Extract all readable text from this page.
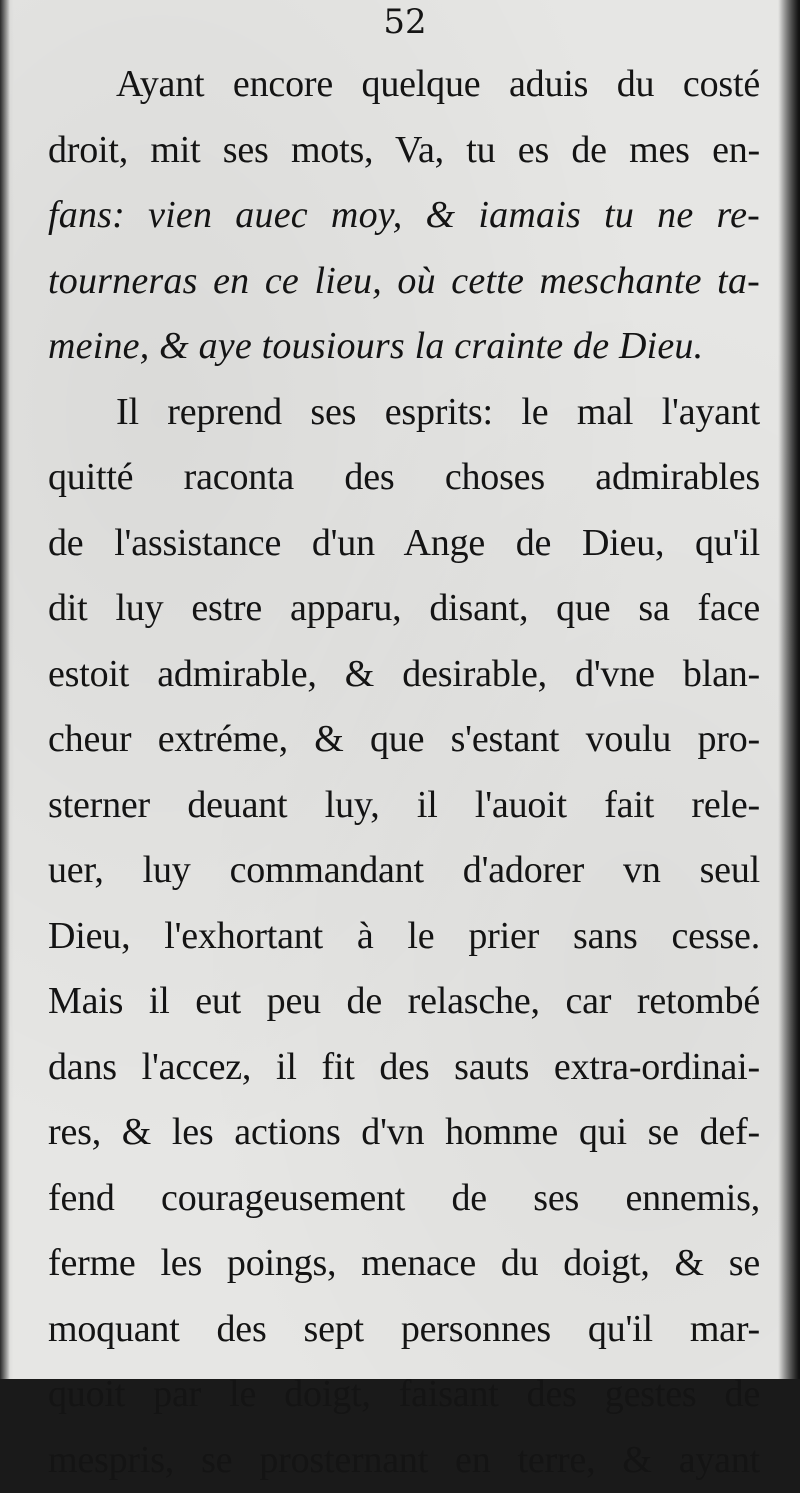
52

Ayant encore quelque aduis du costé
droit, mit ses mots, Va, tu es de mes en-
fans: vien auec moy, & iamais tu ne re-
tourneras en ce lieu, où cette meschante ta-
meine, & aye tousiours la crainte de Dieu.
Il reprend ses esprits: le mal l'ayant
quitté raconta des choses admirables
de l'assistance d'un Ange de Dieu, qu'il
dit luy estre apparu, disant, que sa face
estoit admirable, & desirable, d'vne blan-
cheur extréme, & que s'estant voulu pro-
sterner deuant luy, il l'auoit fait rele-
uer, luy commandant d'adorer vn seul
Dieu, l'exhortant à le prier sans cesse.
Mais il eut peu de relasche, car retombé
dans l'accez, il fit des sauts extra-ordinai-
res, & les actions d'vn homme qui se def-
fend courageusement de ses ennemis,
ferme les poings, menace du doigt, & se
moquant des sept personnes qu'il mar-
quoit par le doigt, faisant des gestes de
mespris, se prosternant en terre, & ayant
